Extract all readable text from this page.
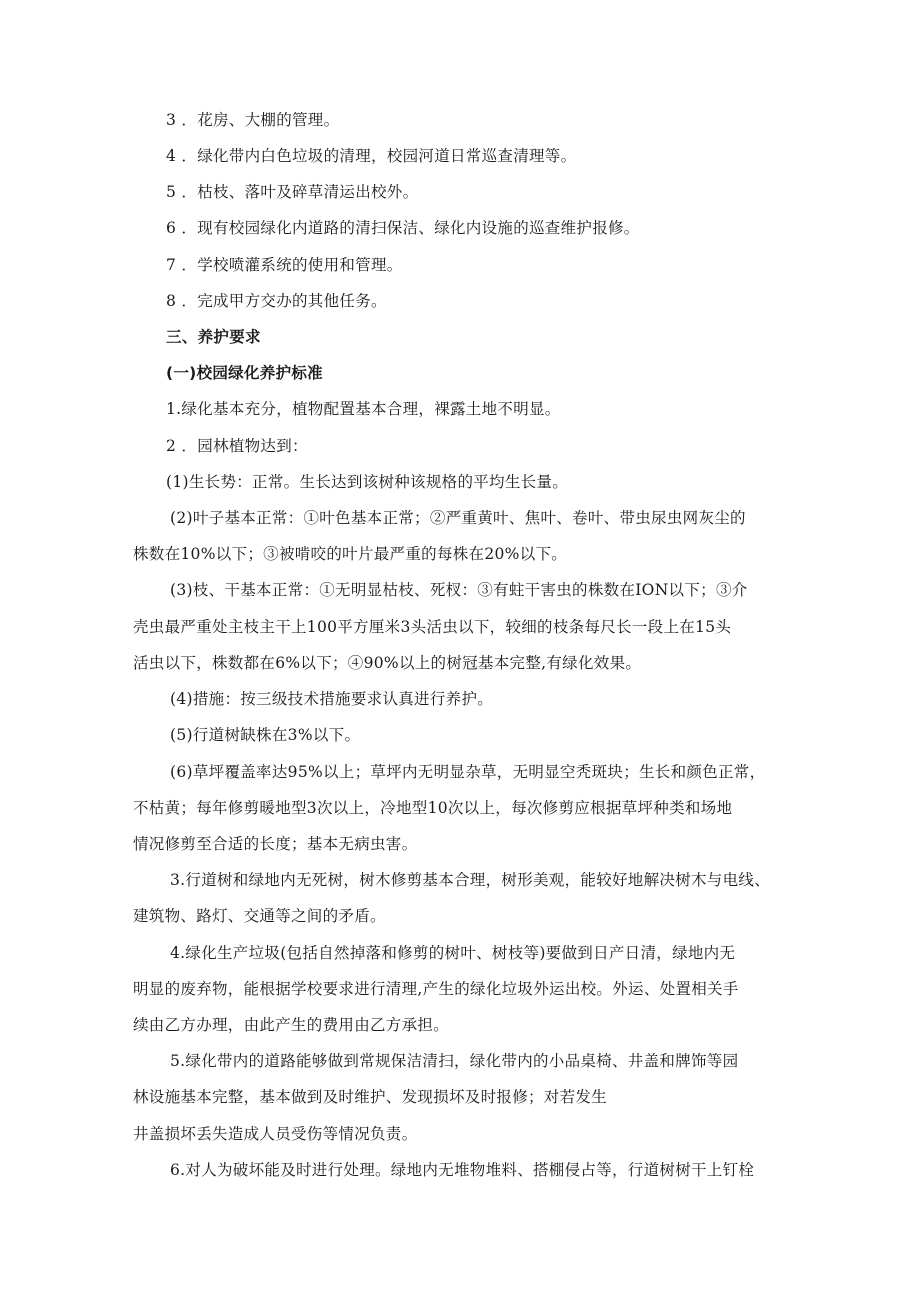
3 ．花房、大棚的管理。
4 ．绿化带内白色垃圾的清理，校园河道日常巡查清理等。
5 ．枯枝、落叶及碎草清运出校外。
6 ．现有校园绿化内道路的清扫保洁、绿化内设施的巡查维护报修。
7 ．学校喷灌系统的使用和管理。
8 ．完成甲方交办的其他任务。
三、养护要求
(一)校园绿化养护标准
1.绿化基本充分，植物配置基本合理，裸露土地不明显。
2 ．园林植物达到：
(1)生长势：正常。生长达到该树种该规格的平均生长量。
(2)叶子基本正常：①叶色基本正常；②严重黄叶、焦叶、卷叶、带虫尿虫网灰尘的
株数在10%以下；③被啃咬的叶片最严重的每株在20%以下。
(3)枝、干基本正常：①无明显枯枝、死杈：③有蛀干害虫的株数在ION以下；③介
壳虫最严重处主枝主干上100平方厘米3头活虫以下，较细的枝条每尺长一段上在15头
活虫以下，株数都在6%以下；④90%以上的树冠基本完整,有绿化效果。
(4)措施：按三级技术措施要求认真进行养护。
(5)行道树缺株在3%以下。
(6)草坪覆盖率达95%以上；草坪内无明显杂草，无明显空秃斑块；生长和颜色正常，
不枯黄；每年修剪暖地型3次以上，冷地型10次以上，每次修剪应根据草坪种类和场地
情况修剪至合适的长度；基本无病虫害。
3.行道树和绿地内无死树，树木修剪基本合理，树形美观，能较好地解决树木与电线、
建筑物、路灯、交通等之间的矛盾。
4.绿化生产垃圾(包括自然掉落和修剪的树叶、树枝等)要做到日产日清，绿地内无
明显的废弃物，能根据学校要求进行清理,产生的绿化垃圾外运出校。外运、处置相关手
续由乙方办理，由此产生的费用由乙方承担。
5.绿化带内的道路能够做到常规保洁清扫，绿化带内的小品桌椅、井盖和牌饰等园
林设施基本完整，基本做到及时维护、发现损坏及时报修；对若发生
井盖损坏丢失造成人员受伤等情况负责。
6.对人为破坏能及时进行处理。绿地内无堆物堆料、搭棚侵占等，行道树树干上钉栓
